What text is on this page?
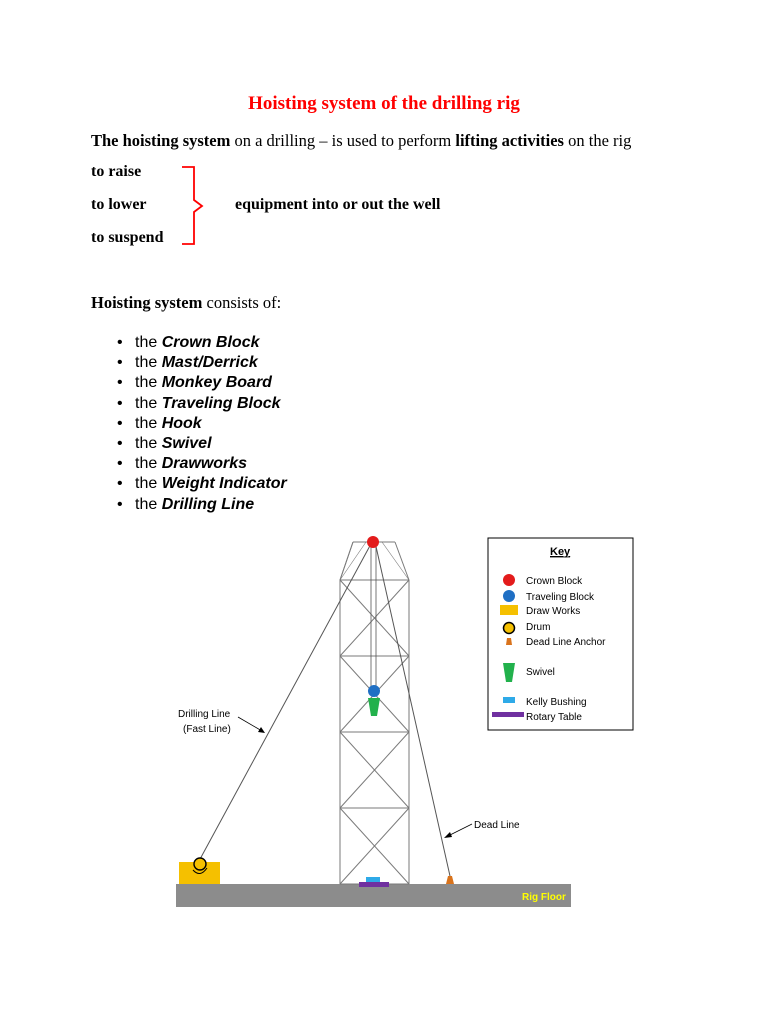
Hoisting system of the drilling rig
The hoisting system on a drilling – is used to perform lifting activities on the rig
to raise
to lower
to suspend
equipment into or out the well
Hoisting system consists of:
• the Crown Block
• the Mast/Derrick
• the Monkey Board
• the Traveling Block
• the Hook
• the Swivel
• the Drawworks
• the Weight Indicator
• the Drilling Line
Rig Floor
Drilling Line
(Fast Line)
Dead Line
Key
Crown Block
Traveling Block
Draw Works
Drum
Dead Line Anchor
Swivel
Kelly Bushing
Rotary Table
